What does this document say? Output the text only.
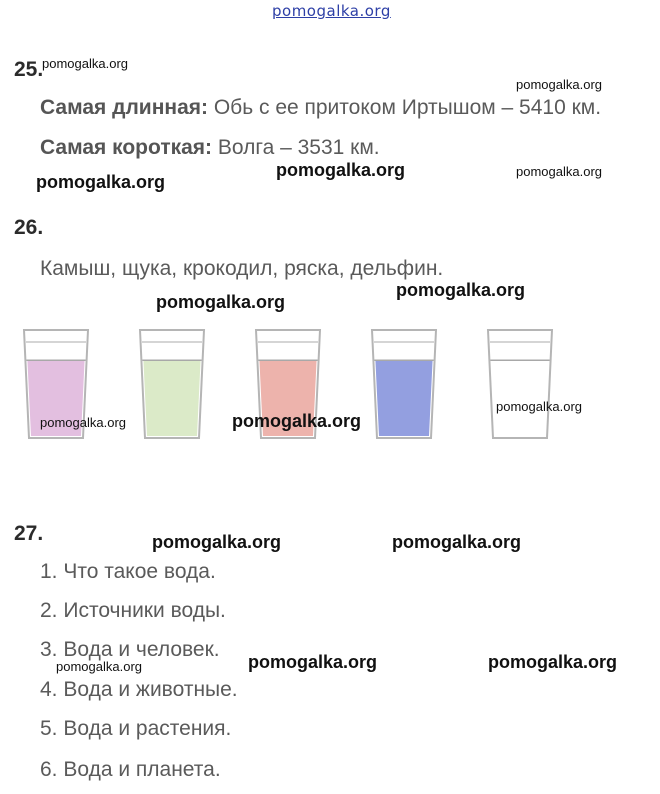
pomogalka.org
25.
pomogalka.org
pomogalka.org
Самая длинная: Обь с ее притоком Иртышом – 5410 км.
Самая короткая: Волга – 3531 км.
pomogalka.org	pomogalka.org
pomogalka.org
26.
Камыш, щука, крокодил, ряска, дельфин.
pomogalka.org
pomogalka.org
pomogalka.org	pomogalka.org
pomogalka.org
27.	pomogalka.org	pomogalka.org
1. Что такое вода.
2. Источники воды.
3. Вода и человек.
pomogalka.org	pomogalka.org	pomogalka.org
4. Вода и животные.
5. Вода и растения.
6. Вода и планета.
